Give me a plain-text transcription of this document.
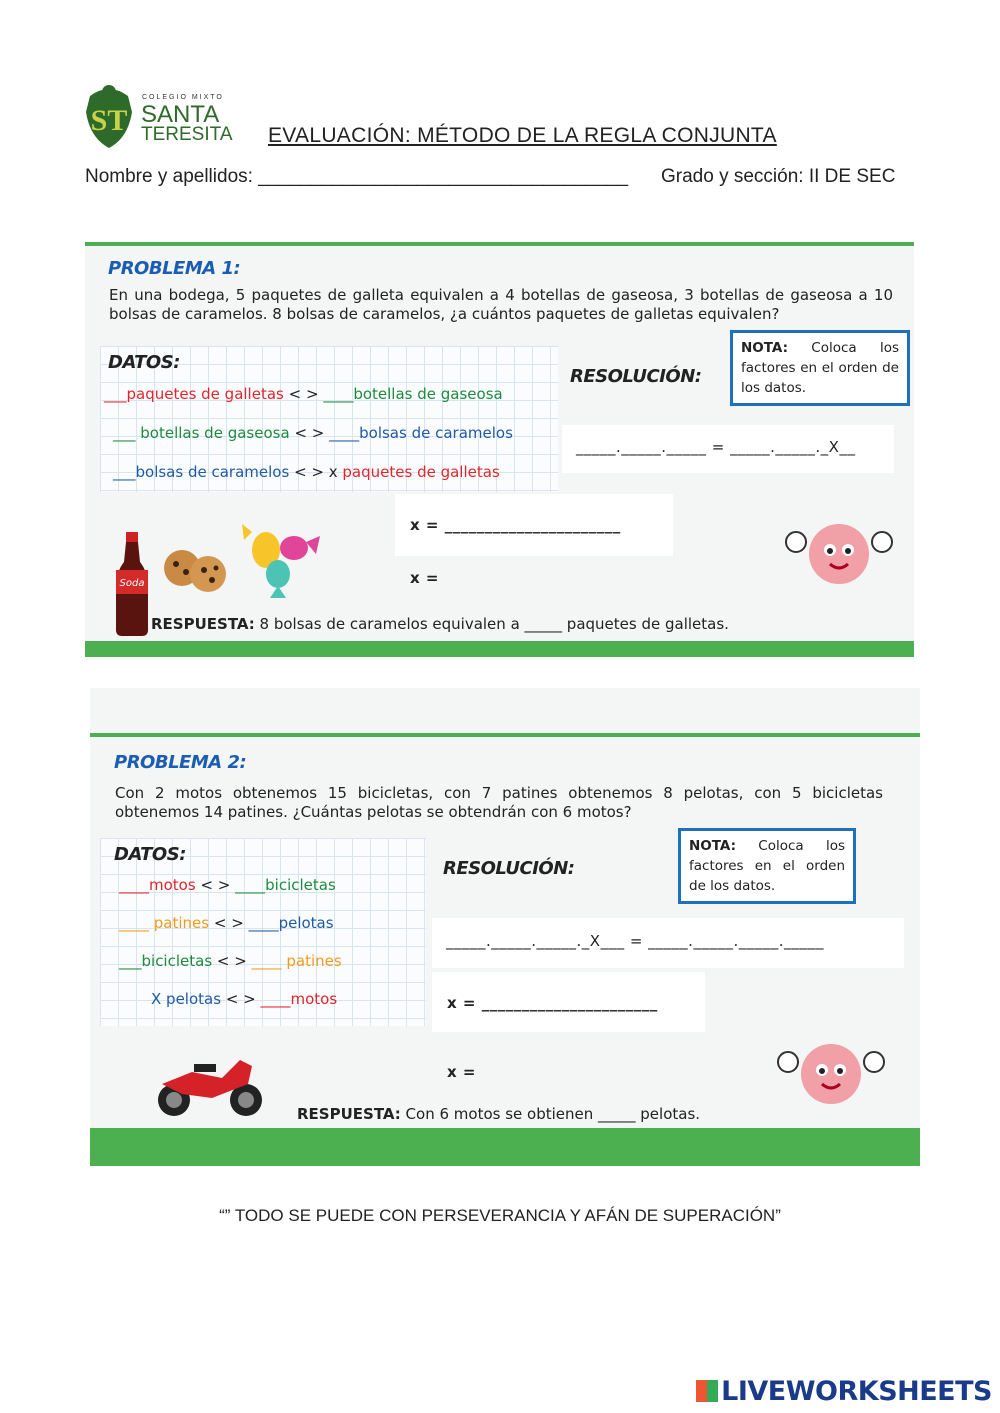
ST
COLEGIO MIXTO
SANTA
TERESITA EVALUACIÓN: MÉTODO DE LA REGLA CONJUNTA
Nombre y apellidos: ___________________________________ Grado y sección: II DE SEC
PROBLEMA 1:
En una bodega, 5 paquetes de galleta equivalen a 4 botellas de gaseosa, 3 botellas de gaseosa a 10 bolsas de caramelos. 8 bolsas de caramelos, ¿a cuántos paquetes de galletas equivalen?
DATOS:
___paquetes de galletas < > ____botellas de gaseosa
___ botellas de gaseosa < > ____bolsas de caramelos
___bolsas de caramelos < > x paquetes de galletas
RESOLUCIÓN:
NOTA: Coloca los factores en el orden de los datos.
_____._____._____ = _____._____._X__
x = ______________________
x =
Soda
RESPUESTA: 8 bolsas de caramelos equivalen a _____ paquetes de galletas.
PROBLEMA 2:
Con 2 motos obtenemos 15 bicicletas, con 7 patines obtenemos 8 pelotas, con 5 bicicletas obtenemos 14 patines. ¿Cuántas pelotas se obtendrán con 6 motos?
DATOS:
____motos < > ____bicicletas
____ patines < > ____pelotas
___bicicletas < > ____ patines
X pelotas < > ____motos
RESOLUCIÓN:
NOTA: Coloca los factores en el orden de los datos.
_____._____._____._X___ = _____._____._____._____
x = ______________________
x =
RESPUESTA: Con 6 motos se obtienen _____ pelotas.
“” TODO SE PUEDE CON PERSEVERANCIA Y AFÁN DE SUPERACIÓN”
LIVEWORKSHEETS
